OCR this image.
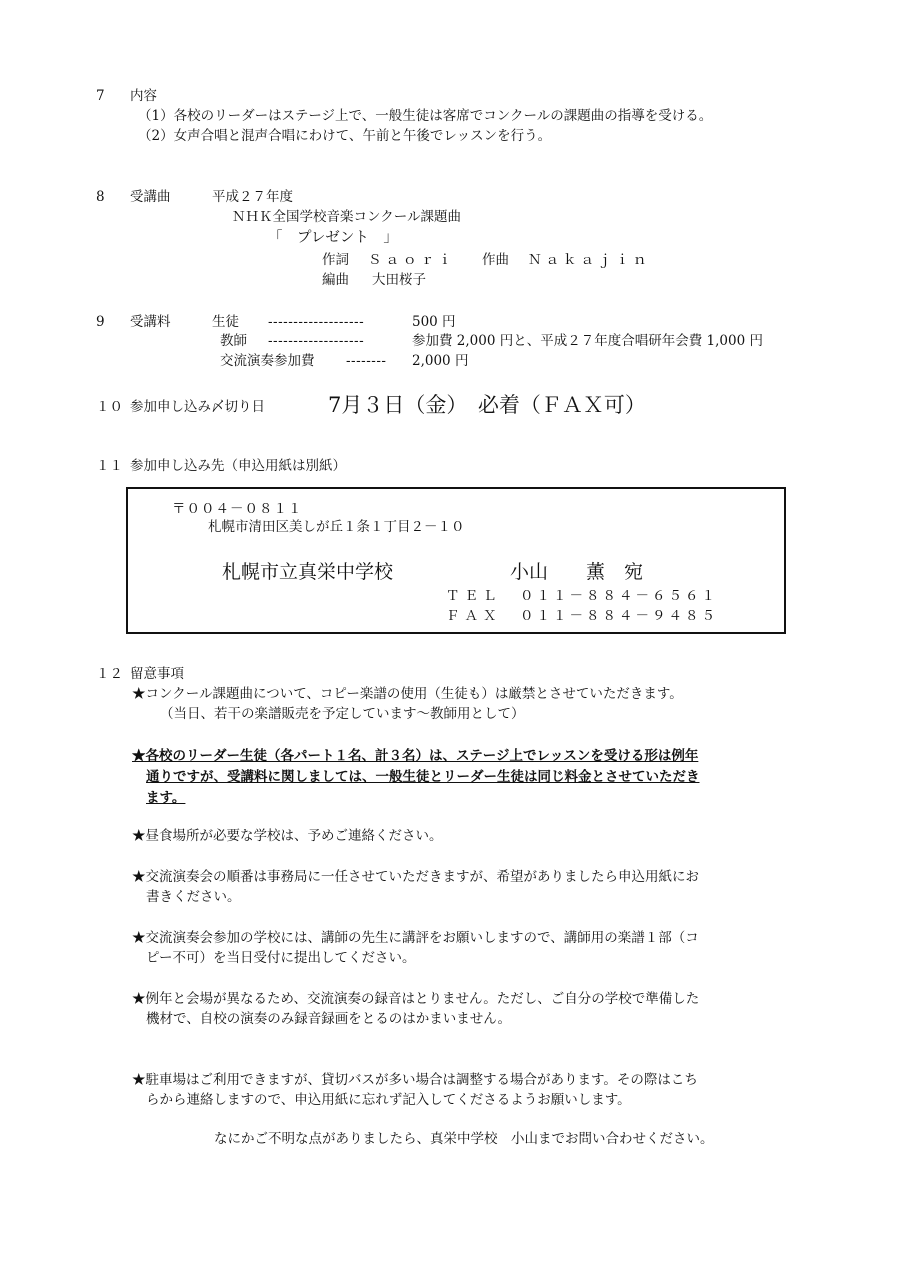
7 内容
（1）各校のリーダーはステージ上で、一般生徒は客席でコンクールの課題曲の指導を受ける。
（2）女声合唱と混声合唱にわけて、午前と午後でレッスンを行う。
8 受講曲	平成２７年度
ＮＨＫ全国学校音楽コンクール課題曲
「　プレゼント　」
作詞 Ｓａｏｒｉ 作曲 Ｎａｋａｊｉｎ
編曲 大田桜子
9 受講料	生徒 -------------------	500 円
教師 -------------------	参加費 2,000 円と、平成２７年度合唱研年会費 1,000 円
交流演奏参加費 -------- 2,000 円
１０ 参加申し込み〆切り日	7月３日（金）　必着（ＦＡＸ可）
１１ 参加申し込み先（申込用紙は別紙）
〒００４－０８１１
札幌市清田区美しが丘１条１丁目２－１０
札幌市立真栄中学校	小山　　薫　宛
ＴＥＬ ０１１－８８４－６５６１
ＦＡＸ ０１１－８８４－９４８５
１２ 留意事項
★コンクール課題曲について、コピー楽譜の使用（生徒も）は厳禁とさせていただきます。
（当日、若干の楽譜販売を予定しています～教師用として）
★各校のリーダー生徒（各パート１名、計３名）は、ステージ上でレッスンを受ける形は例年
通りですが、受講料に関しましては、一般生徒とリーダー生徒は同じ料金とさせていただき
ます。
★昼食場所が必要な学校は、予めご連絡ください。
★交流演奏会の順番は事務局に一任させていただきますが、希望がありましたら申込用紙にお
書きください。
★交流演奏会参加の学校には、講師の先生に講評をお願いしますので、講師用の楽譜１部（コ
ピー不可）を当日受付に提出してください。
★例年と会場が異なるため、交流演奏の録音はとりません。ただし、ご自分の学校で準備した
機材で、自校の演奏のみ録音録画をとるのはかまいません。
★駐車場はご利用できますが、貸切バスが多い場合は調整する場合があります。その際はこち
らから連絡しますので、申込用紙に忘れず記入してくださるようお願いします。
なにかご不明な点がありましたら、真栄中学校　小山までお問い合わせください。
